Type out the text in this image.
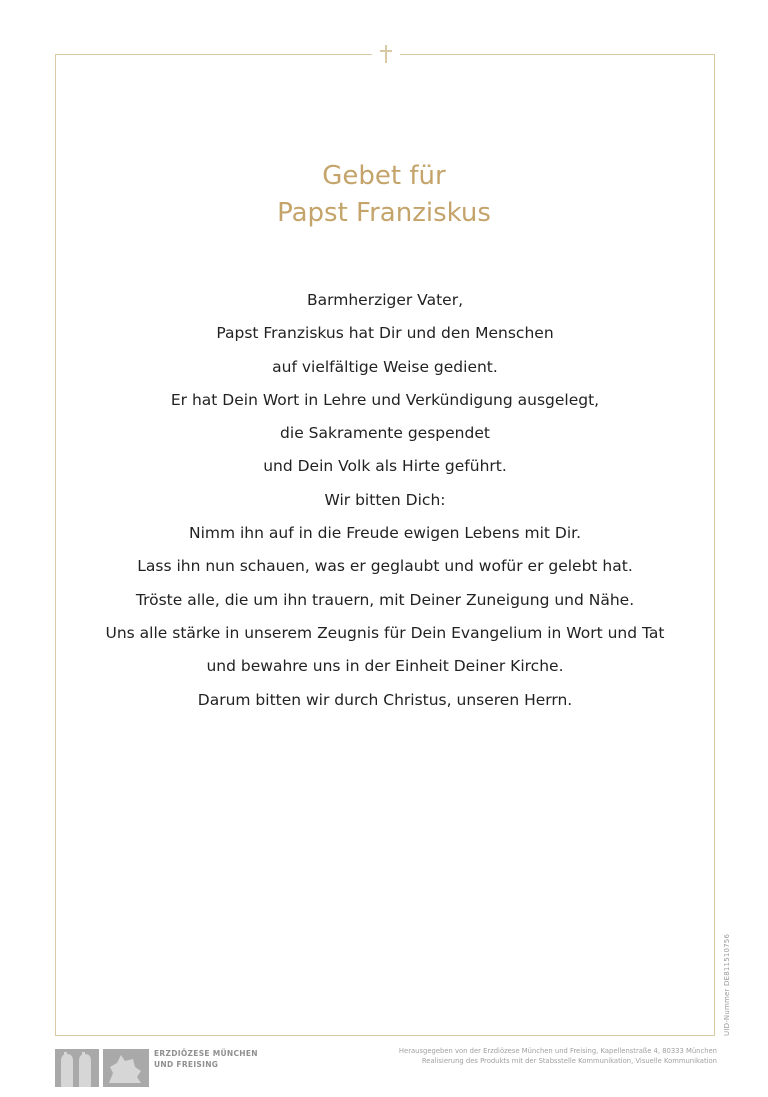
Gebet für
Papst Franziskus
Barmherziger Vater,
Papst Franziskus hat Dir und den Menschen
auf vielfältige Weise gedient.
Er hat Dein Wort in Lehre und Verkündigung ausgelegt,
die Sakramente gespendet
und Dein Volk als Hirte geführt.
Wir bitten Dich:
Nimm ihn auf in die Freude ewigen Lebens mit Dir.
Lass ihn nun schauen, was er geglaubt und wofür er gelebt hat.
Tröste alle, die um ihn trauern, mit Deiner Zuneigung und Nähe.
Uns alle stärke in unserem Zeugnis für Dein Evangelium in Wort und Tat
und bewahre uns in der Einheit Deiner Kirche.
Darum bitten wir durch Christus, unseren Herrn.
UID-Nummer DE811510756
ERZDIÖZESE MÜNCHEN
UND FREISING
Herausgegeben von der Erzdiözese München und Freising, Kapellenstraße 4, 80333 München
Realisierung des Produkts mit der Stabsstelle Kommunikation, Visuelle Kommunikation
